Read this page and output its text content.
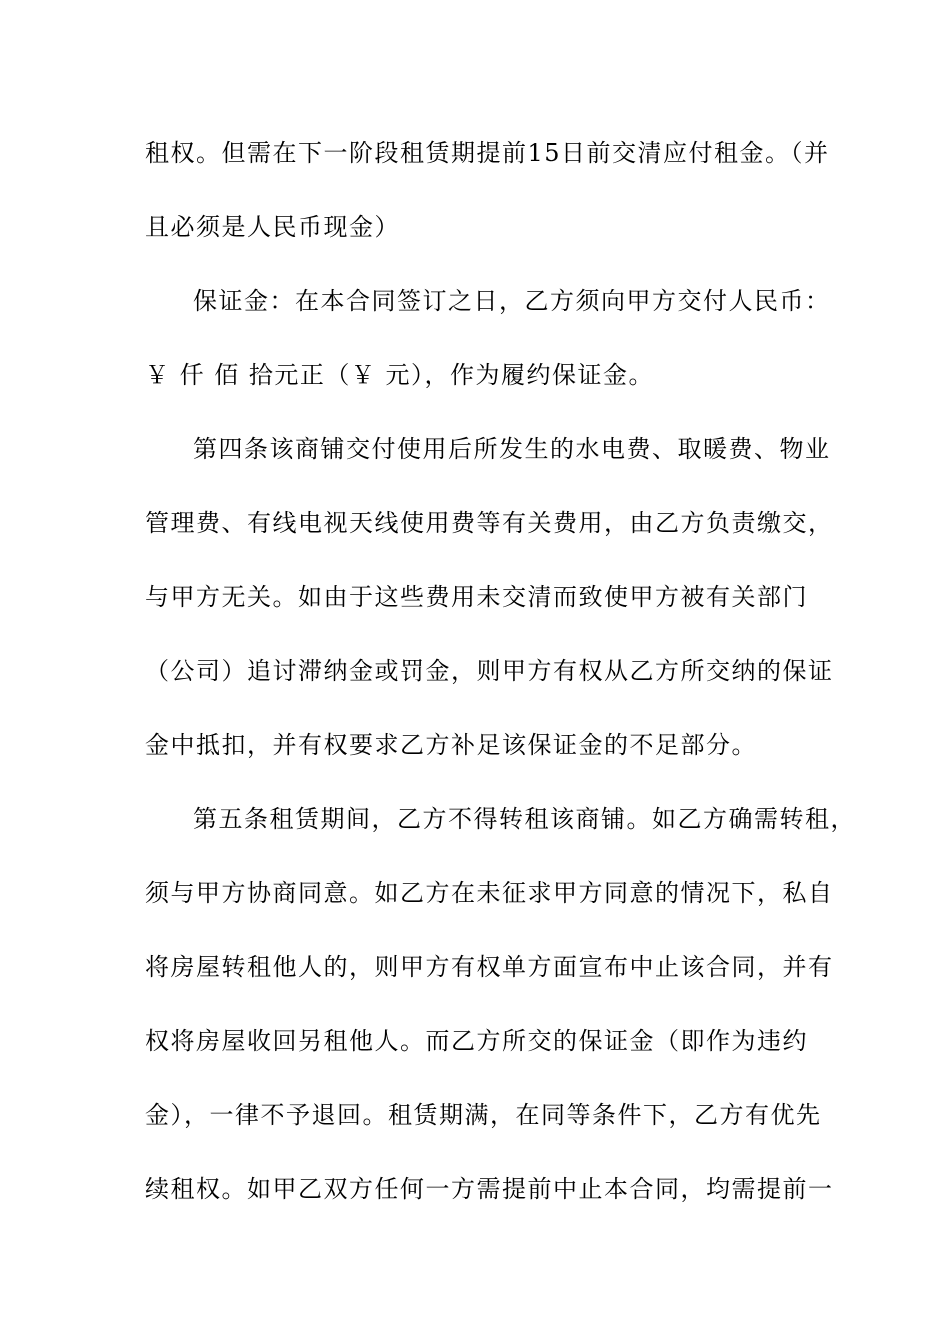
租权。但需在下一阶段租赁期提前15日前交清应付租金。（并
且必须是人民币现金）
保证金：在本合同签订之日，乙方须向甲方交付人民币：
￥ 仟 佰 拾元正（￥ 元），作为履约保证金。
第四条该商铺交付使用后所发生的水电费、取暖费、物业
管理费、有线电视天线使用费等有关费用，由乙方负责缴交，
与甲方无关。如由于这些费用未交清而致使甲方被有关部门
（公司）追讨滞纳金或罚金，则甲方有权从乙方所交纳的保证
金中抵扣，并有权要求乙方补足该保证金的不足部分。
第五条租赁期间，乙方不得转租该商铺。如乙方确需转租，
须与甲方协商同意。如乙方在未征求甲方同意的情况下，私自
将房屋转租他人的，则甲方有权单方面宣布中止该合同，并有
权将房屋收回另租他人。而乙方所交的保证金（即作为违约
金），一律不予退回。租赁期满，在同等条件下，乙方有优先
续租权。如甲乙双方任何一方需提前中止本合同，均需提前一
